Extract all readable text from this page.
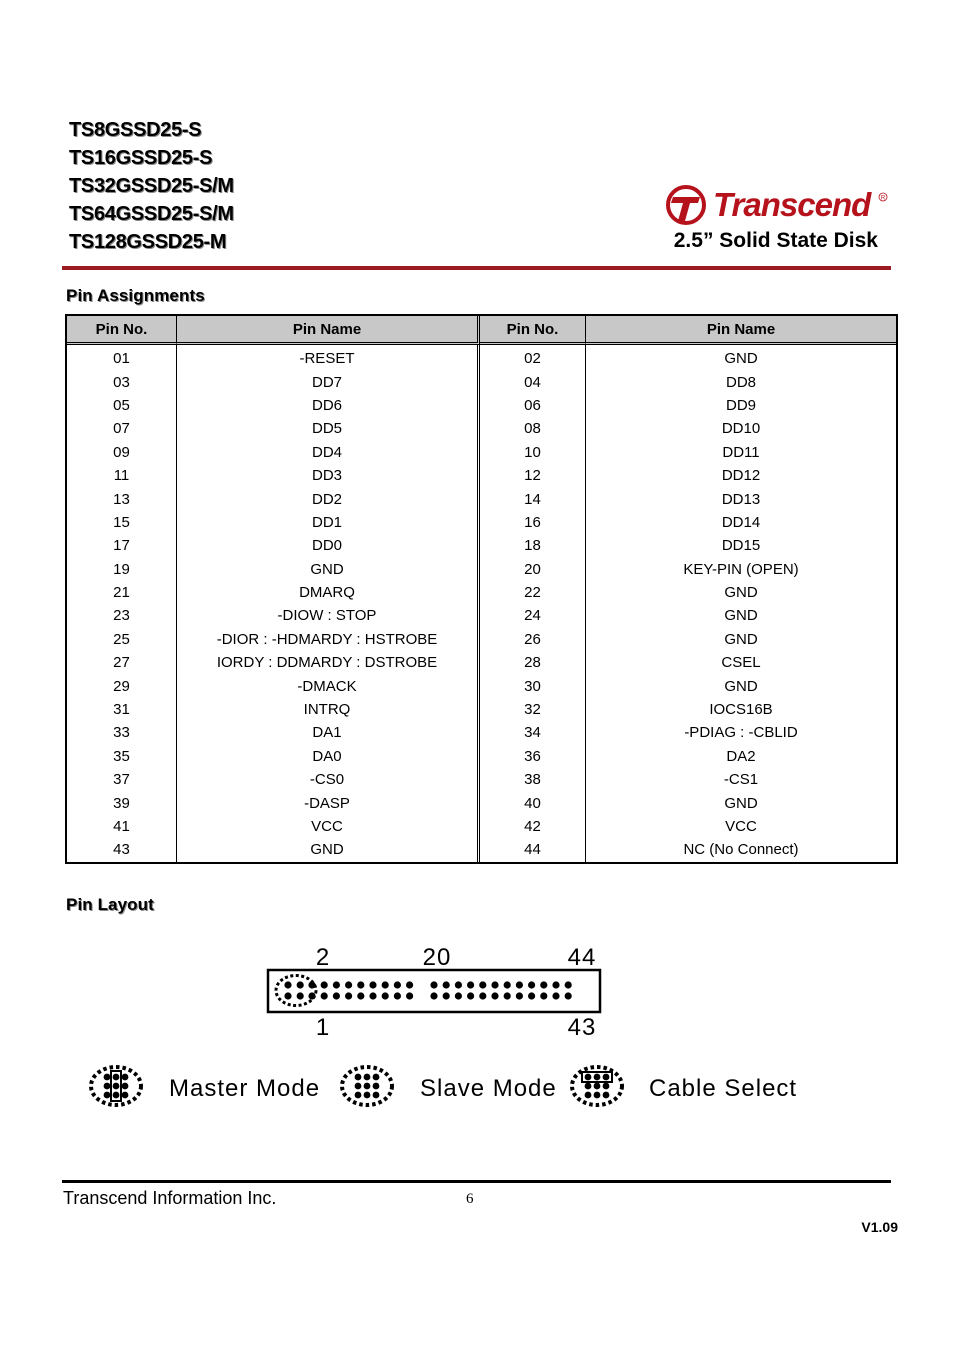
TS8GSSD25-S
TS16GSSD25-S
TS32GSSD25-S/M
TS64GSSD25-S/M
TS128GSSD25-M
Transcend	R
2.5” Solid State Disk
Pin Assignments
Pin No.	Pin Name	Pin No.	Pin Name
01	-RESET	02	GND
03	DD7	04	DD8
05	DD6	06	DD9
07	DD5	08	DD10
09	DD4	10	DD11
11	DD3	12	DD12
13	DD2	14	DD13
15	DD1	16	DD14
17	DD0	18	DD15
19	GND	20	KEY-PIN (OPEN)
21	DMARQ	22	GND
23	-DIOW : STOP	24	GND
25	-DIOR : -HDMARDY : HSTROBE	26	GND
27	IORDY : DDMARDY : DSTROBE	28	CSEL
29	-DMACK	30	GND
31	INTRQ	32	IOCS16B
33	DA1	34	-PDIAG : -CBLID
35	DA0	36	DA2
37	-CS0	38	-CS1
39	-DASP	40	GND
41	VCC	42	VCC
43	GND	44	NC (No Connect)
Pin Layout
2	20	44
1	43
Master Mode	Slave Mode	Cable Select
Transcend Information Inc.	6
V1.09
